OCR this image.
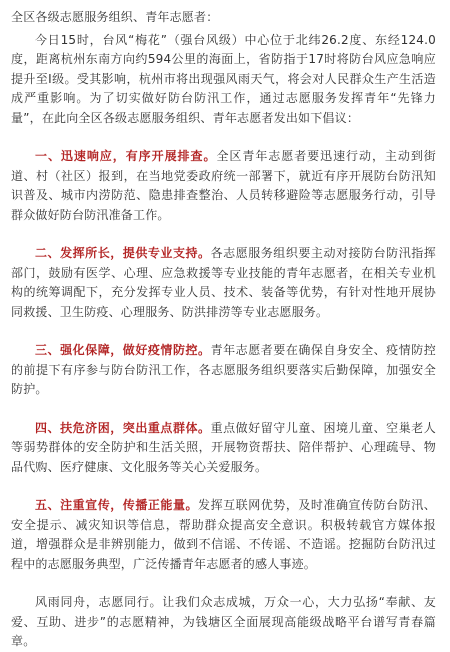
全区各级志愿服务组织、青年志愿者：

今日15时，台风“梅花”（强台风级）中心位于北纬26.2度、东经124.0度，距离杭州东南方向约594公里的海面上，省防指于17时将防台风应急响应提升至Ⅰ级。受其影响，杭州市将出现强风雨天气，将会对人民群众生产生活造成严重影响。为了切实做好防台防汛工作，通过志愿服务发挥青年“先锋力量”，在此向全区各级志愿服务组织、青年志愿者发出如下倡议：

一、迅速响应，有序开展排查。全区青年志愿者要迅速行动，主动到街道、村（社区）报到，在当地党委政府统一部署下，就近有序开展防台防汛知识普及、城市内涝防范、隐患排查整治、人员转移避险等志愿服务行动，引导群众做好防台防汛准备工作。

二、发挥所长，提供专业支持。各志愿服务组织要主动对接防台防汛指挥部门，鼓励有医学、心理、应急救援等专业技能的青年志愿者，在相关专业机构的统筹调配下，充分发挥专业人员、技术、装备等优势，有针对性地开展协同救援、卫生防疫、心理服务、防洪排涝等专业志愿服务。

三、强化保障，做好疫情防控。青年志愿者要在确保自身安全、疫情防控的前提下有序参与防台防汛工作，各志愿服务组织要落实后勤保障，加强安全防护。

四、扶危济困，突出重点群体。重点做好留守儿童、困境儿童、空巢老人等弱势群体的安全防护和生活关照，开展物资帮扶、陪伴帮护、心理疏导、物品代购、医疗健康、文化服务等关心关爱服务。

五、注重宣传，传播正能量。发挥互联网优势，及时准确宣传防台防汛、安全提示、减灾知识等信息，帮助群众提高安全意识。积极转载官方媒体报道，增强群众是非辨别能力，做到不信谣、不传谣、不造谣。挖掘防台防汛过程中的志愿服务典型，广泛传播青年志愿者的感人事迹。

风雨同舟，志愿同行。让我们众志成城，万众一心，大力弘扬“奉献、友爱、互助、进步”的志愿精神，为钱塘区全面展现高能级战略平台谱写青春篇章。
